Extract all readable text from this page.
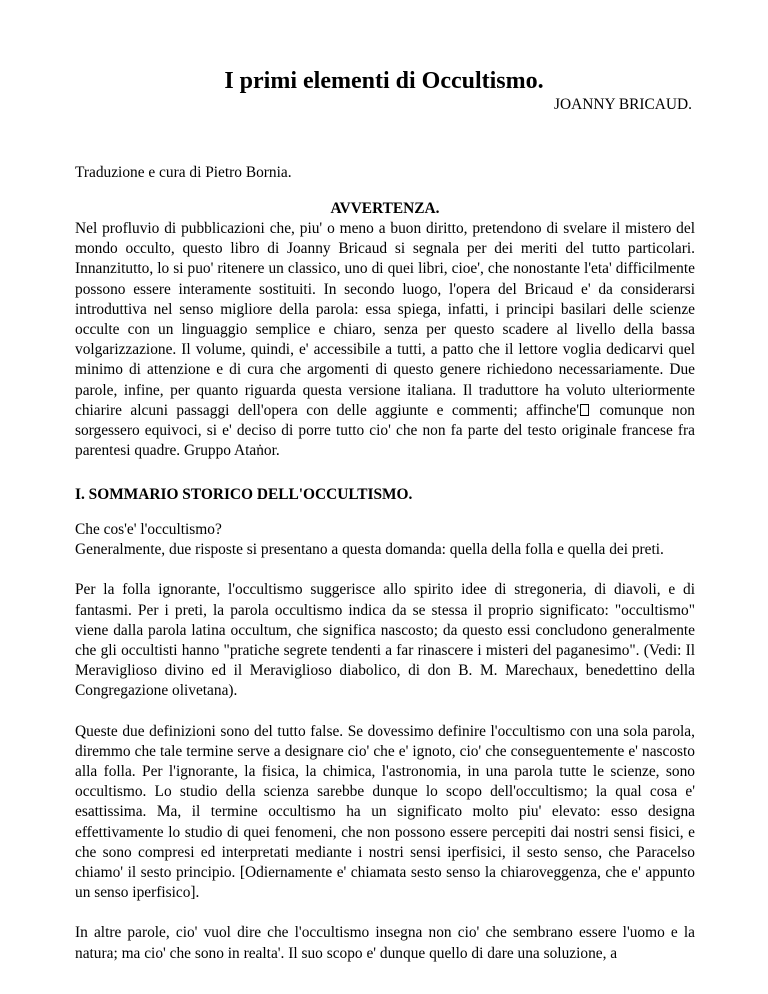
I primi elementi di Occultismo.
JOANNY BRICAUD.
Traduzione e cura di Pietro Bornia.
AVVERTENZA.

Nel profluvio di pubblicazioni che, piu' o meno a buon diritto, pretendono di svelare il mistero del mondo occulto, questo libro di Joanny Bricaud si segnala per dei meriti del tutto particolari. Innanzitutto, lo si puo' ritenere un classico, uno di quei libri, cioe', che nonostante l'eta' difficilmente possono essere interamente sostituiti. In secondo luogo, l'opera del Bricaud e' da considerarsi introduttiva nel senso migliore della parola: essa spiega, infatti, i principi basilari delle scienze occulte con un linguaggio semplice e chiaro, senza per questo scadere al livello della bassa volgarizzazione. Il volume, quindi, e' accessibile a tutti, a patto che il lettore voglia dedicarvi quel minimo di attenzione e di cura che argomenti di questo genere richiedono necessariamente. Due parole, infine, per quanto riguarda questa versione italiana. Il traduttore ha voluto ulteriormente chiarire alcuni passaggi dell'opera con delle aggiunte e commenti; affinche' comunque non sorgessero equivoci, si e' deciso di porre tutto cio' che non fa parte del testo originale francese fra parentesi quadre. Gruppo Ataṅor.

I. SOMMARIO STORICO DELL'OCCULTISMO.

Che cos'e' l'occultismo?

Generalmente, due risposte si presentano a questa domanda: quella della folla e quella dei preti.

Per la folla ignorante, l'occultismo suggerisce allo spirito idee di stregoneria, di diavoli, e di fantasmi. Per i preti, la parola occultismo indica da se stessa il proprio significato: "occultismo" viene dalla parola latina occultum, che significa nascosto; da questo essi concludono generalmente che gli occultisti hanno "pratiche segrete tendenti a far rinascere i misteri del paganesimo". (Vedi: Il Meraviglioso divino ed il Meraviglioso diabolico, di don B. M. Marechaux, benedettino della Congregazione olivetana).

Queste due definizioni sono del tutto false. Se dovessimo definire l'occultismo con una sola parola, diremmo che tale termine serve a designare cio' che e' ignoto, cio' che conseguentemente e' nascosto alla folla. Per l'ignorante, la fisica, la chimica, l'astronomia, in una parola tutte le scienze, sono occultismo. Lo studio della scienza sarebbe dunque lo scopo dell'occultismo; la qual cosa e' esattissima. Ma, il termine occultismo ha un significato molto piu' elevato: esso designa effettivamente lo studio di quei fenomeni, che non possono essere percepiti dai nostri sensi fisici, e che sono compresi ed interpretati mediante i nostri sensi iperfisici, il sesto senso, che Paracelso chiamo' il sesto principio. [Odiernamente e' chiamata sesto senso la chiaroveggenza, che e' appunto un senso iperfisico].

In altre parole, cio' vuol dire che l'occultismo insegna non cio' che sembrano essere l'uomo e la natura; ma cio' che sono in realta'. Il suo scopo e' dunque quello di dare una soluzione, a
